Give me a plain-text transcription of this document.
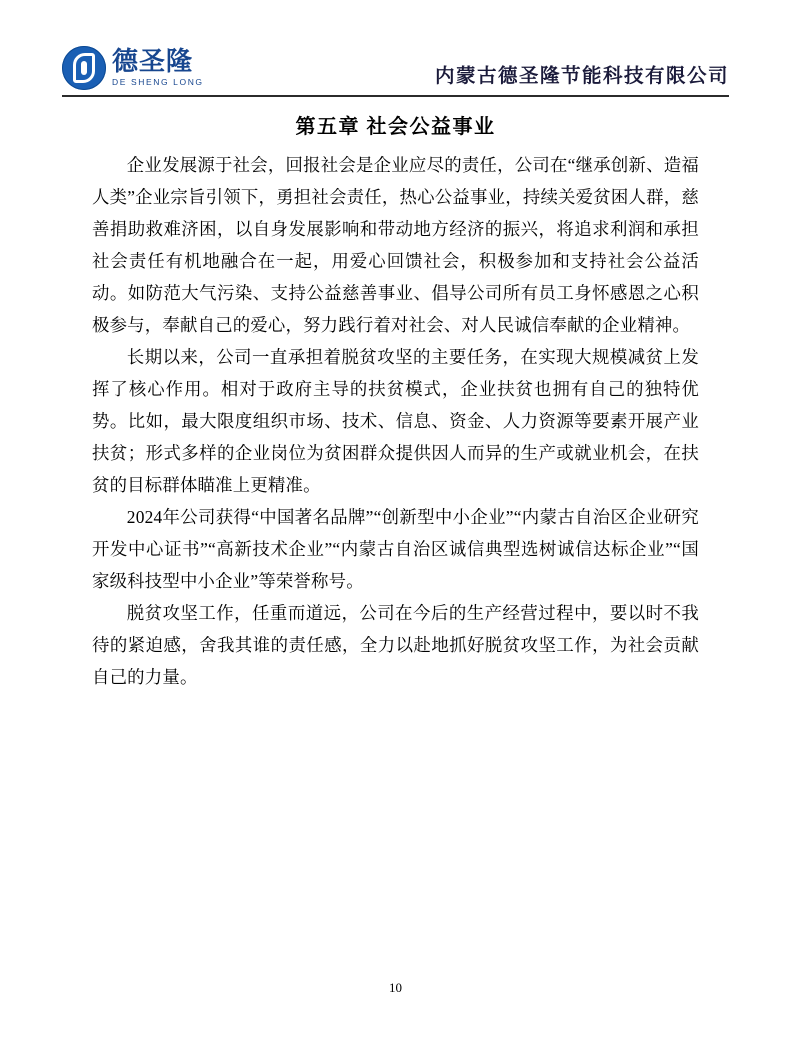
德圣隆
DE SHENG LONG	内蒙古德圣隆节能科技有限公司
第五章 社会公益事业

企业发展源于社会，回报社会是企业应尽的责任，公司在“继承创新、造福人类”企业宗旨引领下，勇担社会责任，热心公益事业，持续关爱贫困人群，慈善捐助救难济困，以自身发展影响和带动地方经济的振兴，将追求利润和承担社会责任有机地融合在一起，用爱心回馈社会，积极参加和支持社会公益活动。如防范大气污染、支持公益慈善事业、倡导公司所有员工身怀感恩之心积极参与，奉献自己的爱心，努力践行着对社会、对人民诚信奉献的企业精神。

长期以来，公司一直承担着脱贫攻坚的主要任务，在实现大规模减贫上发挥了核心作用。相对于政府主导的扶贫模式，企业扶贫也拥有自己的独特优势。比如，最大限度组织市场、技术、信息、资金、人力资源等要素开展产业扶贫；形式多样的企业岗位为贫困群众提供因人而异的生产或就业机会，在扶贫的目标群体瞄准上更精准。

2024年公司获得“中国著名品牌”“创新型中小企业”“内蒙古自治区企业研究开发中心证书”“高新技术企业”“内蒙古自治区诚信典型选树诚信达标企业”“国家级科技型中小企业”等荣誉称号。

脱贫攻坚工作，任重而道远，公司在今后的生产经营过程中，要以时不我待的紧迫感，舍我其谁的责任感，全力以赴地抓好脱贫攻坚工作，为社会贡献自己的力量。

10
